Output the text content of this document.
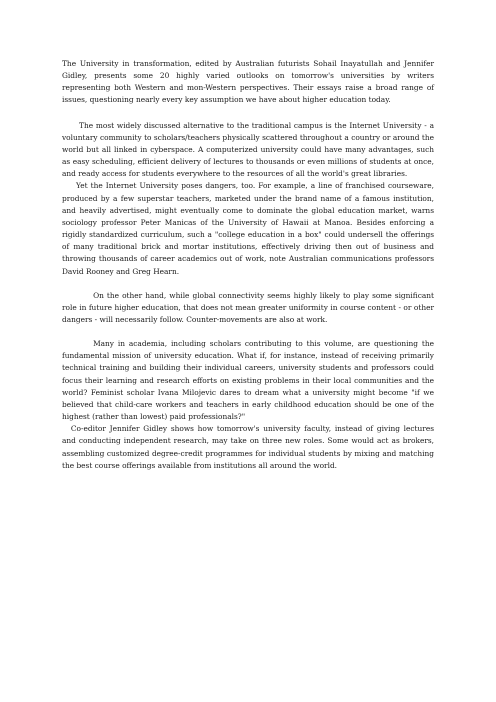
The University in transformation, edited by Australian futurists Sohail Inayatullah and Jennifer Gidley, presents some 20 highly varied outlooks on tomorrow's universities by writers representing both Western and mon-Western perspectives. Their essays raise a broad range of issues, questioning nearly every key assumption we have about higher education today.

The most widely discussed alternative to the traditional campus is the Internet University - a voluntary community to scholars/teachers physically scattered throughout a country or around the world but all linked in cyberspace. A computerized university could have many advantages, such as easy scheduling, efficient delivery of lectures to thousands or even millions of students at once, and ready access for students everywhere to the resources of all the world's great libraries.

Yet the Internet University poses dangers, too. For example, a line of franchised courseware, produced by a few superstar teachers, marketed under the brand name of a famous institution, and heavily advertised, might eventually come to dominate the global education market, warns sociology professor Peter Manicas of the University of Hawaii at Manoa. Besides enforcing a rigidly standardized curriculum, such a "college education in a box" could undersell the offerings of many traditional brick and mortar institutions, effectively driving then out of business and throwing thousands of career academics out of work, note Australian communications professors David Rooney and Greg Hearn.

On the other hand, while global connectivity seems highly likely to play some significant role in future higher education, that does not mean greater uniformity in course content - or other dangers - will necessarily follow. Counter-movements are also at work.

Many in academia, including scholars contributing to this volume, are questioning the fundamental mission of university education. What if, for instance, instead of receiving primarily technical training and building their individual careers, university students and professors could focus their learning and research efforts on existing problems in their local communities and the world? Feminist scholar Ivana Milojevic dares to dream what a university might become "if we believed that child-care workers and teachers in early childhood education should be one of the highest (rather than lowest) paid professionals?"

Co-editor Jennifer Gidley shows how tomorrow's university faculty, instead of giving lectures and conducting independent research, may take on three new roles. Some would act as brokers, assembling customized degree-credit programmes for individual students by mixing and matching the best course offerings available from institutions all around the world.
